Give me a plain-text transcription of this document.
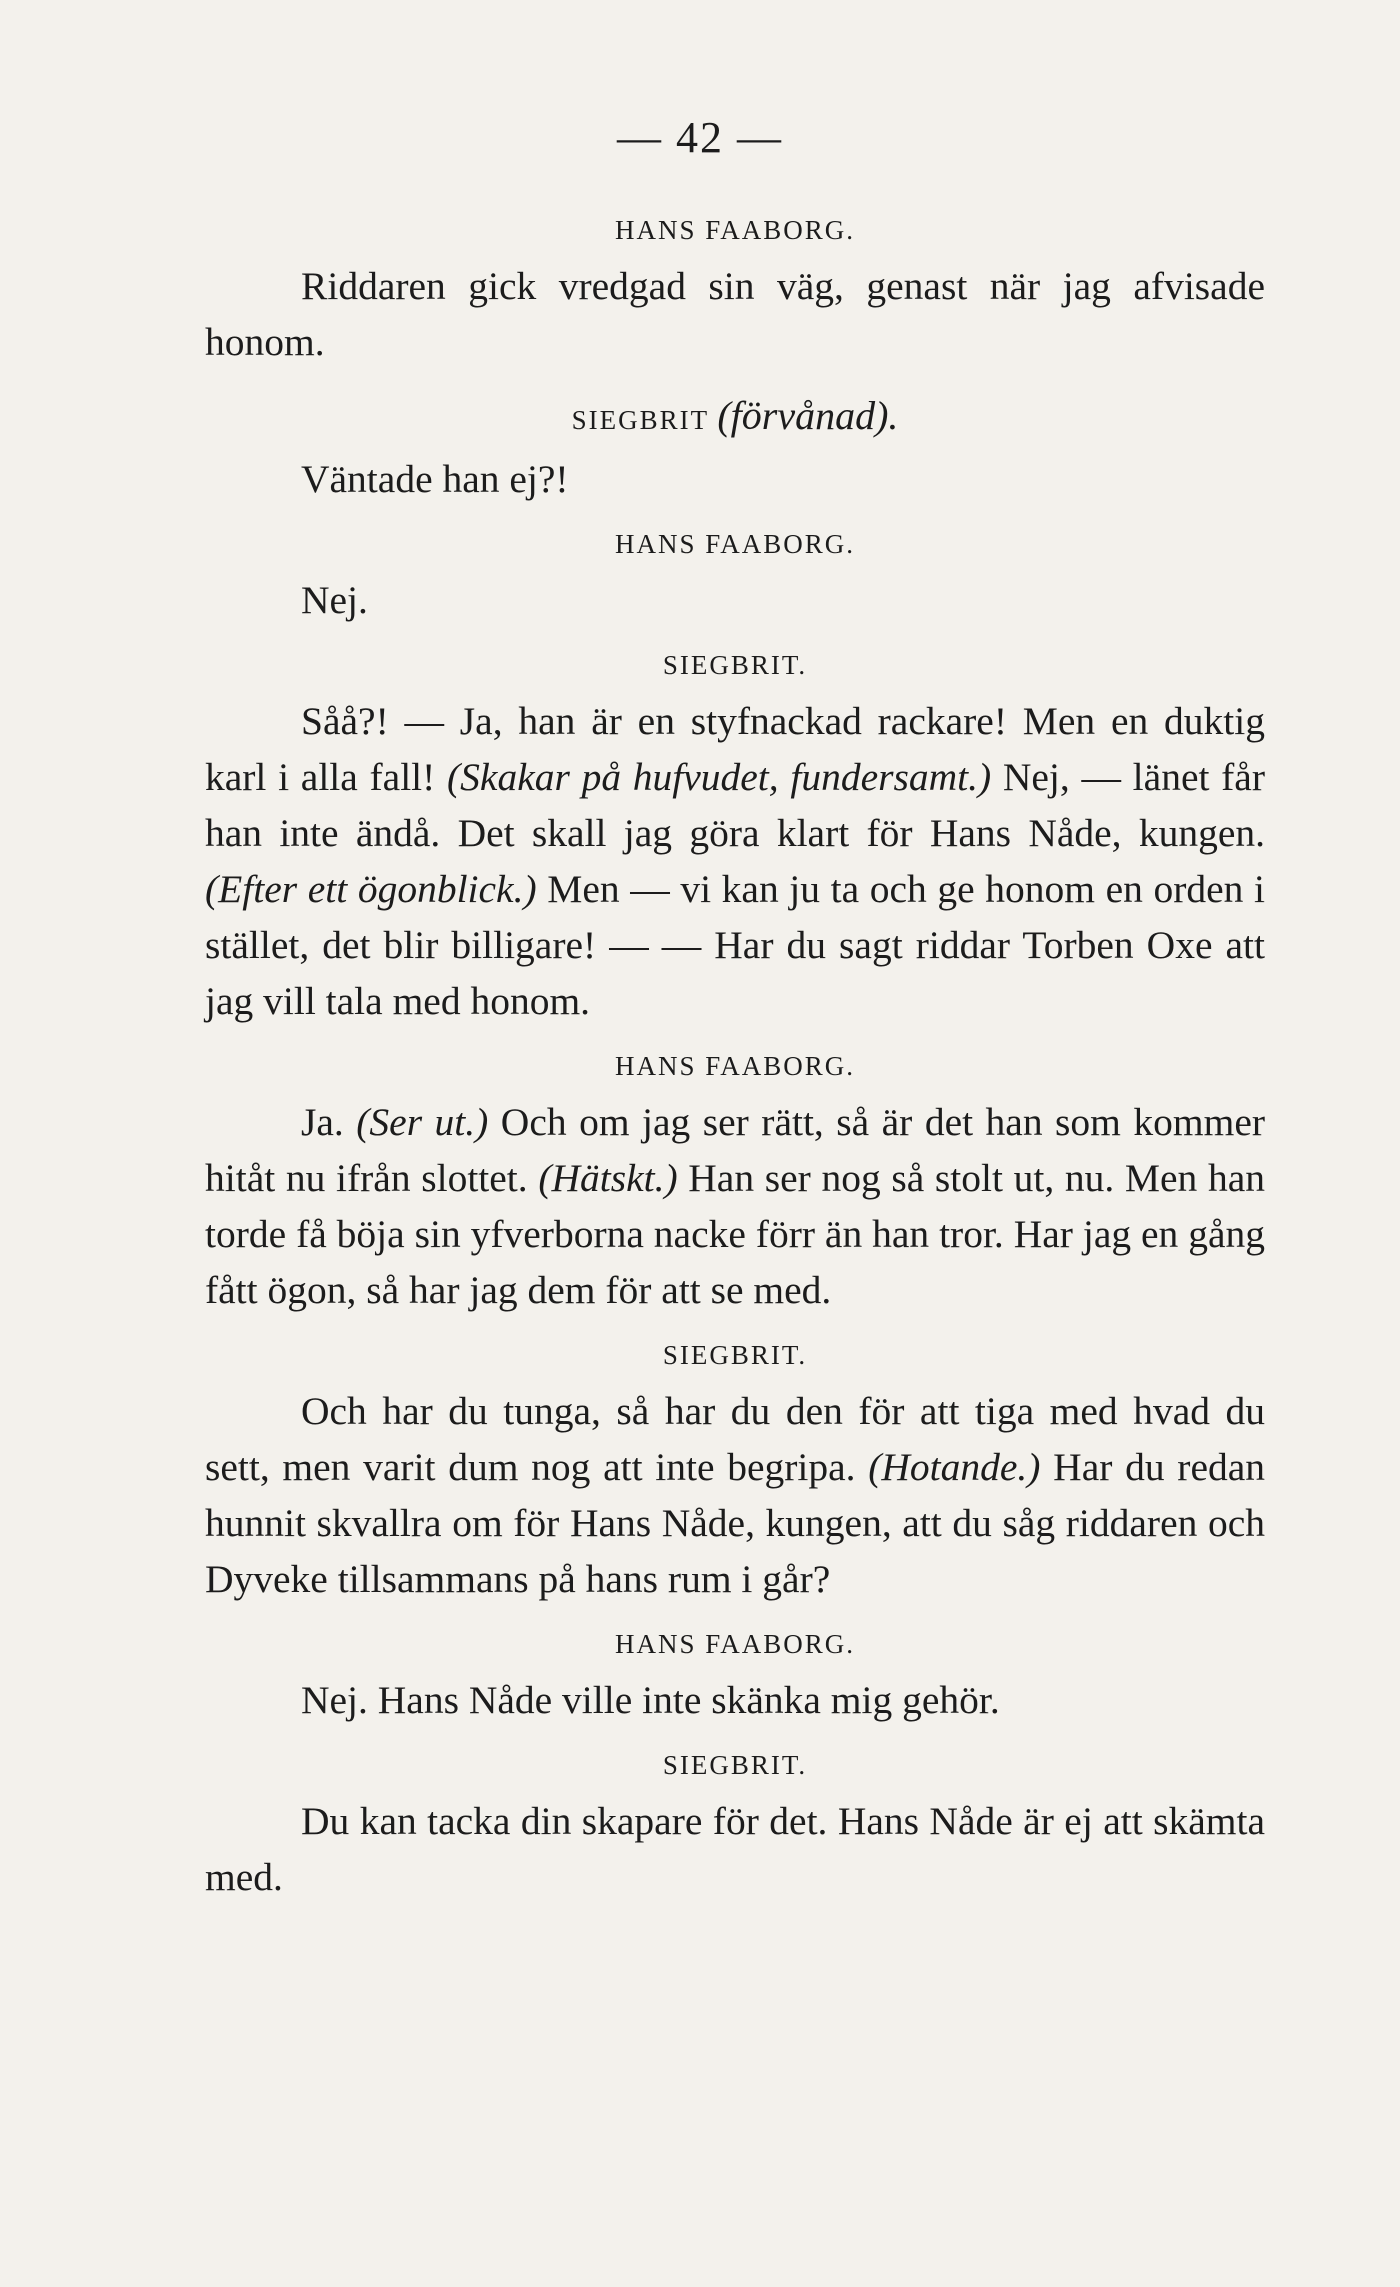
— 42 —
HANS FAABORG.

Riddaren gick vredgad sin väg, genast när jag afvisade honom.

SIEGBRIT (förvånad).

Väntade han ej?!

HANS FAABORG.

Nej.

SIEGBRIT.

Såå?! — Ja, han är en styfnackad rackare! Men en duktig karl i alla fall! (Skakar på hufvudet, fundersamt.) Nej, — länet får han inte ändå. Det skall jag göra klart för Hans Nåde, kungen. (Efter ett ögonblick.) Men — vi kan ju ta och ge honom en orden i stället, det blir billigare! — — Har du sagt riddar Torben Oxe att jag vill tala med honom.

HANS FAABORG.

Ja. (Ser ut.) Och om jag ser rätt, så är det han som kommer hitåt nu ifrån slottet. (Hätskt.) Han ser nog så stolt ut, nu. Men han torde få böja sin yfverborna nacke förr än han tror. Har jag en gång fått ögon, så har jag dem för att se med.

SIEGBRIT.

Och har du tunga, så har du den för att tiga med hvad du sett, men varit dum nog att inte begripa. (Hotande.) Har du redan hunnit skvallra om för Hans Nåde, kungen, att du såg riddaren och Dyveke tillsammans på hans rum i går?

HANS FAABORG.

Nej. Hans Nåde ville inte skänka mig gehör.

SIEGBRIT.

Du kan tacka din skapare för det. Hans Nåde är ej att skämta med.
